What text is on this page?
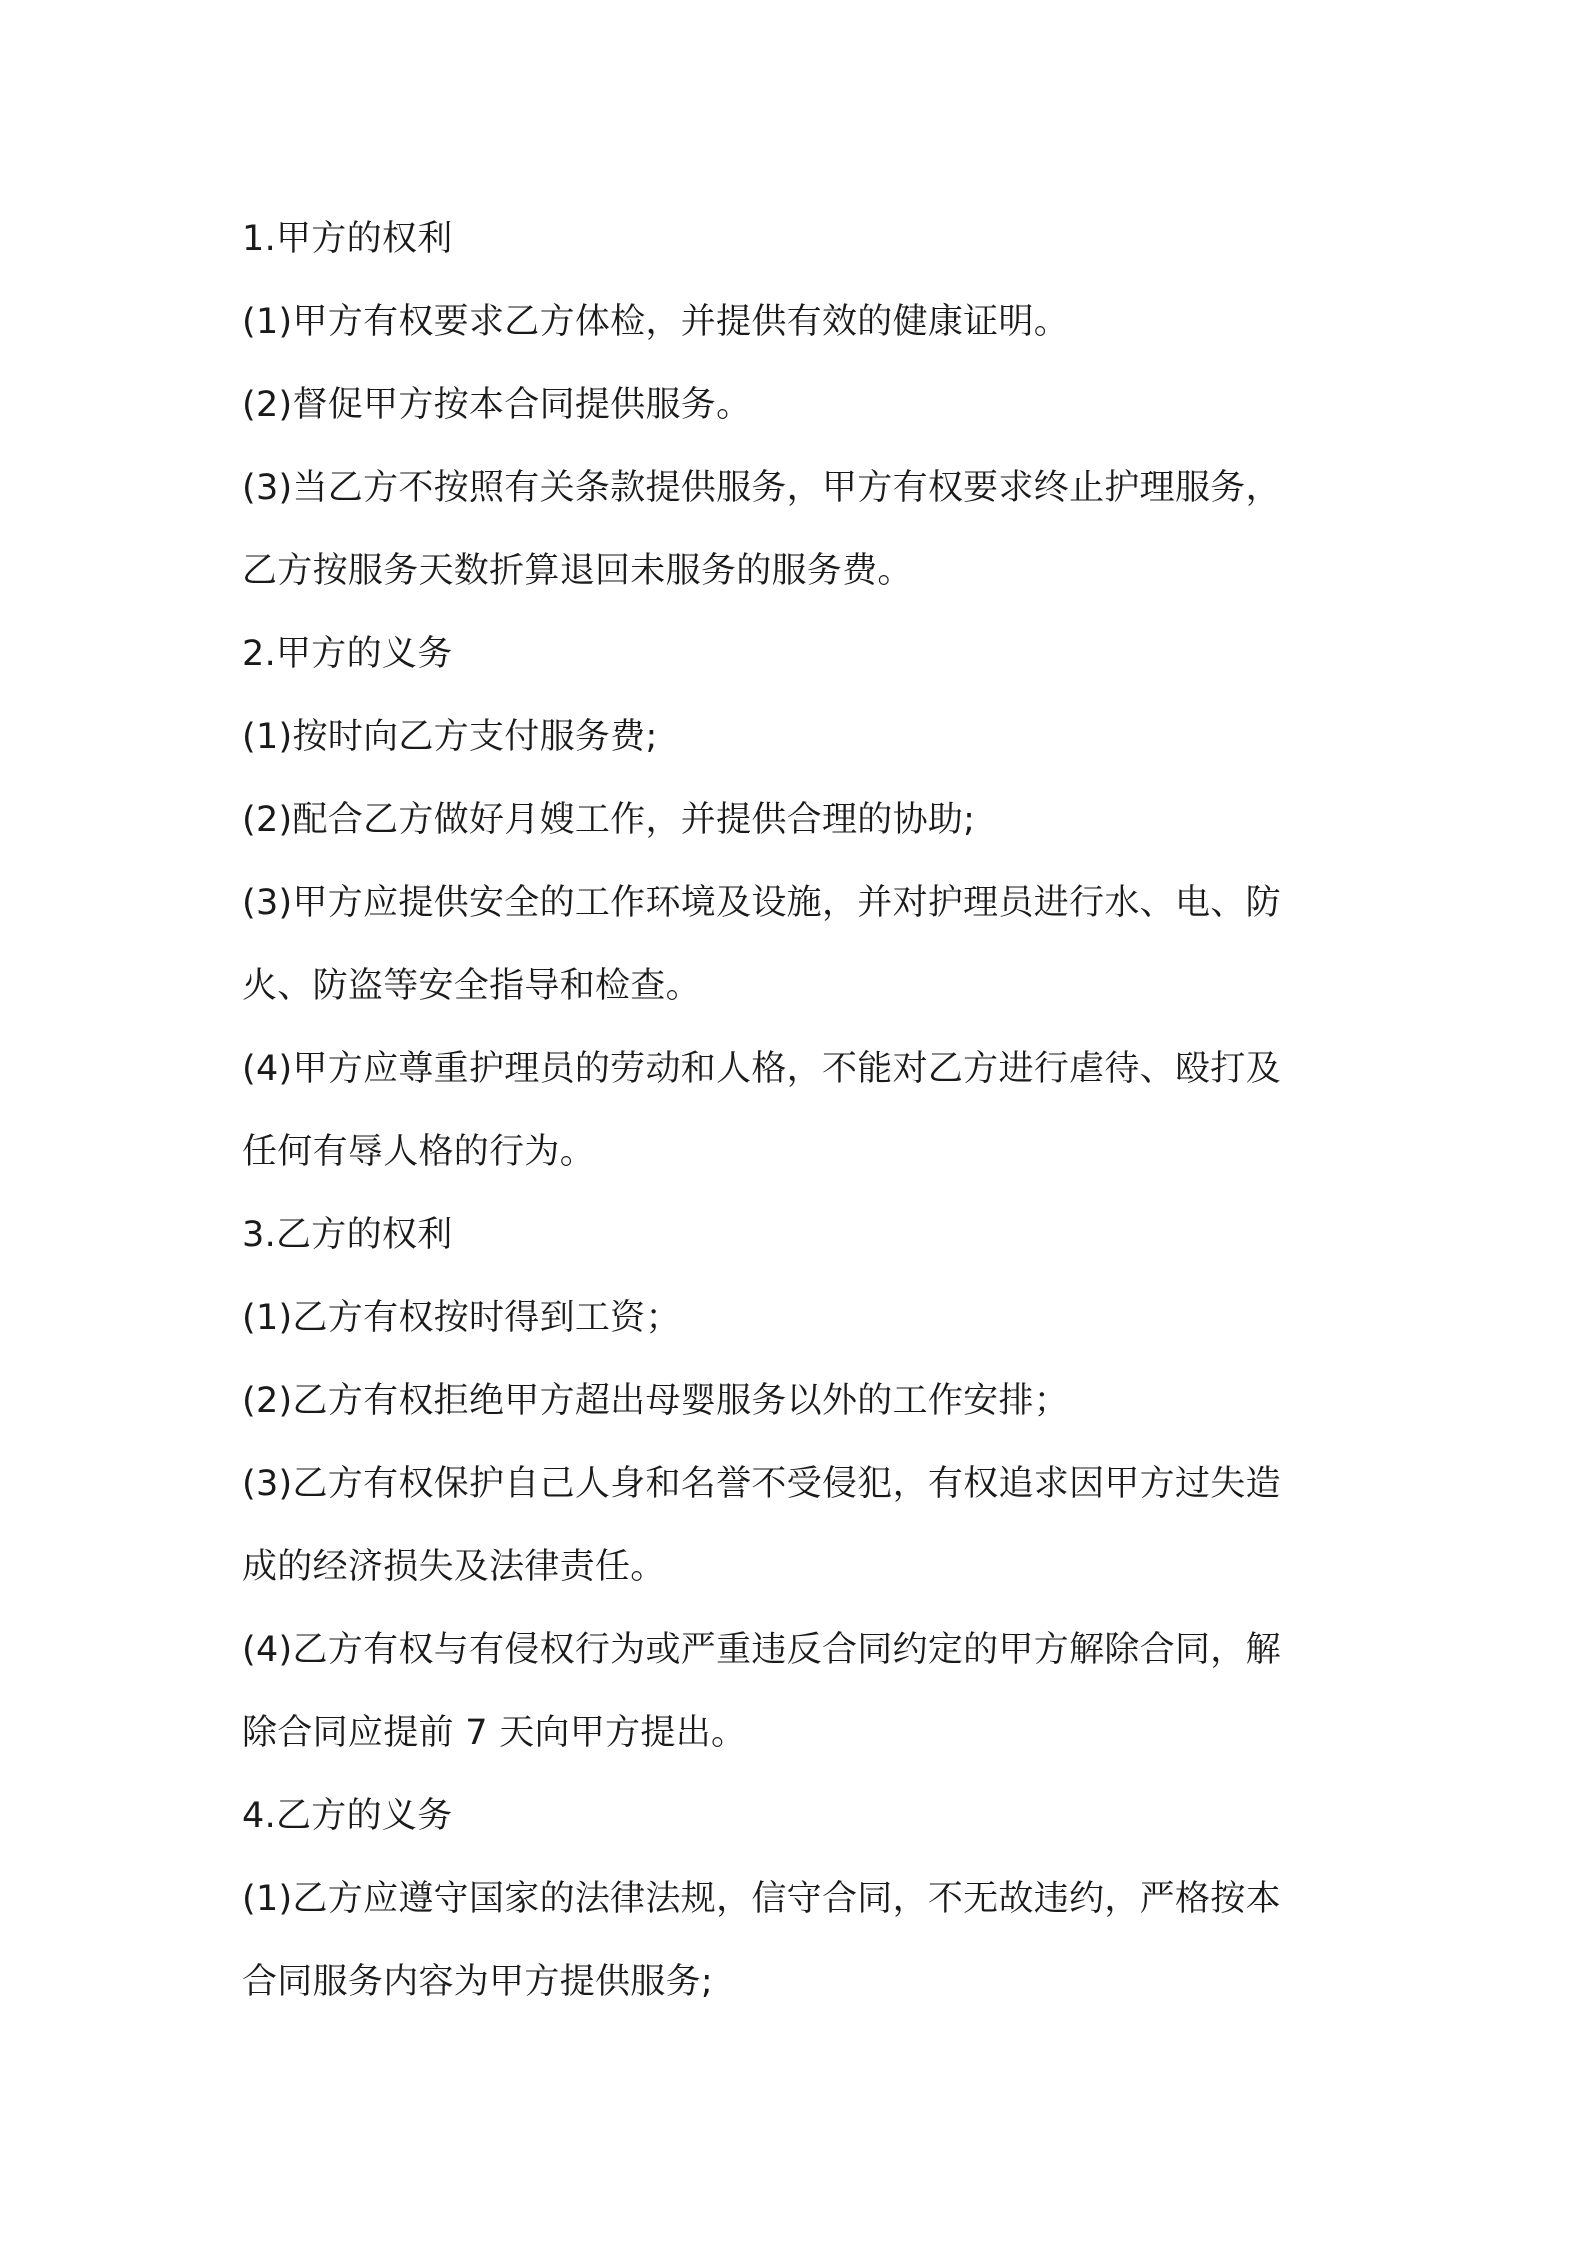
1.甲方的权利

(1)甲方有权要求乙方体检，并提供有效的健康证明。

(2)督促甲方按本合同提供服务。

(3)当乙方不按照有关条款提供服务，甲方有权要求终止护理服务，

乙方按服务天数折算退回未服务的服务费。

2.甲方的义务

(1)按时向乙方支付服务费;

(2)配合乙方做好月嫂工作，并提供合理的协助;

(3)甲方应提供安全的工作环境及设施，并对护理员进行水、电、防

火、防盗等安全指导和检查。

(4)甲方应尊重护理员的劳动和人格，不能对乙方进行虐待、殴打及

任何有辱人格的行为。

3.乙方的权利

(1)乙方有权按时得到工资；

(2)乙方有权拒绝甲方超出母婴服务以外的工作安排；

(3)乙方有权保护自己人身和名誉不受侵犯，有权追求因甲方过失造

成的经济损失及法律责任。

(4)乙方有权与有侵权行为或严重违反合同约定的甲方解除合同，解

除合同应提前 7 天向甲方提出。

4.乙方的义务

(1)乙方应遵守国家的法律法规，信守合同，不无故违约，严格按本

合同服务内容为甲方提供服务;
